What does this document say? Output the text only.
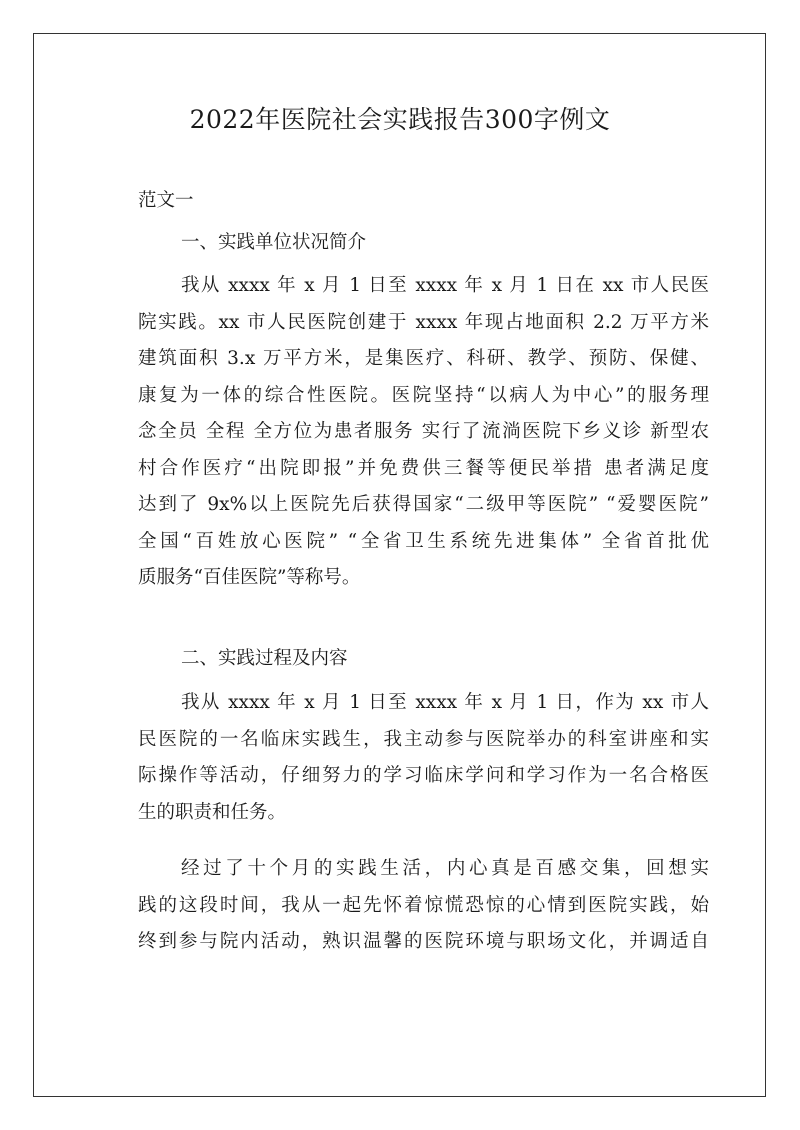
2022年医院社会实践报告300字例文
范文一
一、实践单位状况简介
我从 xxxx 年 x 月 1 日至 xxxx 年 x 月 1 日在 xx 市人民医
院实践。xx 市人民医院创建于 xxxx 年现占地面积 2.2 万平方米
建筑面积 3.x 万平方米，是集医疗、科研、教学、预防、保健、
康复为一体的综合性医院。医院坚持“以病人为中心”的服务理
念全员 全程 全方位为患者服务 实行了流淌医院下乡义诊 新型农
村合作医疗“出院即报”并免费供三餐等便民举措 患者满足度
达到了 9x%以上医院先后获得国家“二级甲等医院” “爱婴医院”
全国“百姓放心医院” “全省卫生系统先进集体” 全省首批优
质服务“百佳医院”等称号。
二、实践过程及内容
我从 xxxx 年 x 月 1 日至 xxxx 年 x 月 1 日，作为 xx 市人
民医院的一名临床实践生，我主动参与医院举办的科室讲座和实
际操作等活动，仔细努力的学习临床学问和学习作为一名合格医
生的职责和任务。
经过了十个月的实践生活，内心真是百感交集，回想实
践的这段时间，我从一起先怀着惊慌恐惊的心情到医院实践，始
终到参与院内活动，熟识温馨的医院环境与职场文化，并调适自
